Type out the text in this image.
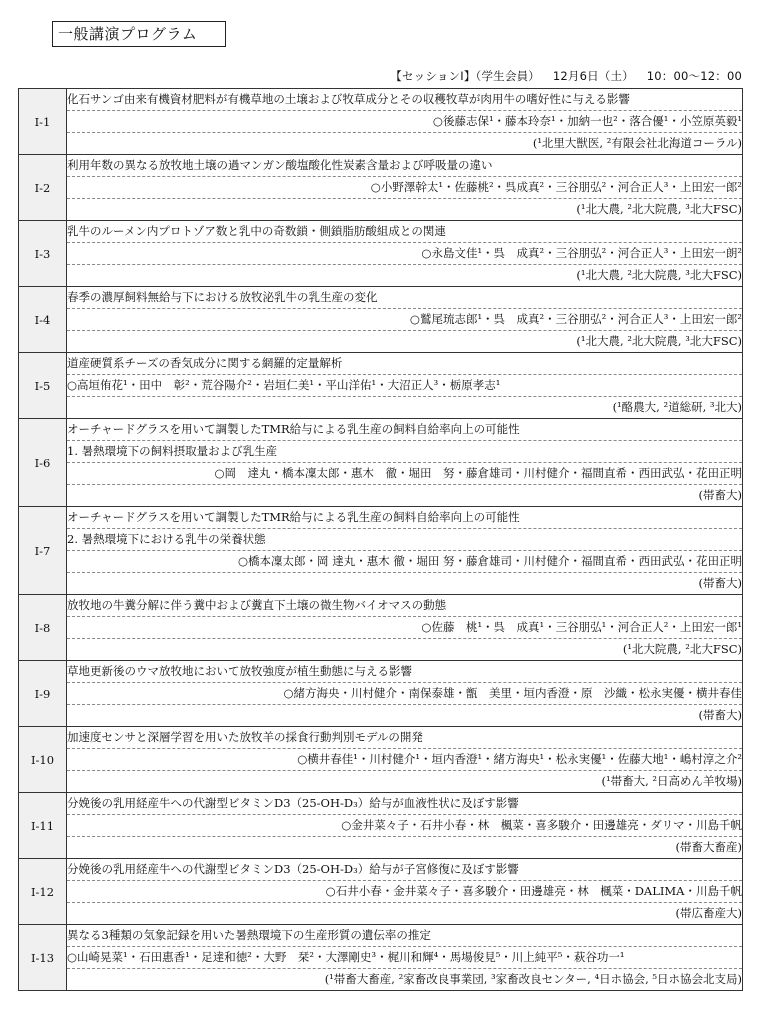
一般講演プログラム
【セッションⅠ】（学生会員） 12月6日（土） 10：00〜12：00
Ⅰ-1	化石サンゴ由来有機資材肥料が有機草地の土壌および牧草成分とその収穫牧草が肉用牛の嗜好性に与える影響
○後藤志保¹・藤本玲奈¹・加納一也²・落合優¹・小笠原英毅¹
(¹北里大獣医, ²有限会社北海道コーラル)

Ⅰ-2	利用年数の異なる放牧地土壌の過マンガン酸塩酸化性炭素含量および呼吸量の違い
○小野澤幹太¹・佐藤桃²・呉成真²・三谷朋弘²・河合正人³・上田宏一郎²
(¹北大農, ²北大院農, ³北大FSC)

Ⅰ-3	乳牛のルーメン内プロトゾア数と乳中の奇数鎖・側鎖脂肪酸組成との関連
○永島文佳¹・呉　成真²・三谷朋弘²・河合正人³・上田宏一朗²
(¹北大農, ²北大院農, ³北大FSC)

Ⅰ-4	春季の濃厚飼料無給与下における放牧泌乳牛の乳生産の変化
○鷲尾琉志郎¹・呉　成真²・三谷朋弘²・河合正人³・上田宏一郎²
(¹北大農, ²北大院農, ³北大FSC)

Ⅰ-5	道産硬質系チーズの香気成分に関する網羅的定量解析
○高垣侑花¹・田中　彰²・荒谷陽介²・岩垣仁美¹・平山洋佑¹・大沼正人³・栃原孝志¹
(¹酪農大, ²道総研, ³北大)

Ⅰ-6	オーチャードグラスを用いて調製したTMR給与による乳生産の飼料自給率向上の可能性
1. 暑熱環境下の飼料摂取量および乳生産
○岡　達丸・橋本凜太郎・惠木　徹・堀田　努・藤倉雄司・川村健介・福間直希・西田武弘・花田正明
(帯畜大)

Ⅰ-7	オーチャードグラスを用いて調製したTMR給与による乳生産の飼料自給率向上の可能性
2. 暑熱環境下における乳牛の栄養状態
○橋本凜太郎・岡 達丸・惠木 徹・堀田 努・藤倉雄司・川村健介・福間直希・西田武弘・花田正明
(帯畜大)

Ⅰ-8	放牧地の牛糞分解に伴う糞中および糞直下土壌の微生物バイオマスの動態
○佐藤　桃¹・呉　成真¹・三谷朋弘¹・河合正人²・上田宏一郎¹
(¹北大院農, ²北大FSC)

Ⅰ-9	草地更新後のウマ放牧地において放牧強度が植生動態に与える影響
○緒方海央・川村健介・南保泰雄・甑　美里・垣内香澄・原　沙織・松永実優・横井春佳
(帯畜大)

Ⅰ-10	加速度センサと深層学習を用いた放牧羊の採食行動判別モデルの開発
○横井春佳¹・川村健介¹・垣内香澄¹・緒方海央¹・松永実優¹・佐藤大地¹・嶋村淳之介²
(¹帯畜大, ²日高めん羊牧場)

Ⅰ-11	分娩後の乳用経産牛への代謝型ビタミンD3（25-OH-D₃）給与が血液性状に及ぼす影響
○金井菜々子・石井小春・林　楓菜・喜多駿介・田邊雄亮・ダリマ・川島千帆
(帯畜大畜産)

Ⅰ-12	分娩後の乳用経産牛への代謝型ビタミンD3（25-OH-D₃）給与が子宮修復に及ぼす影響
○石井小春・金井菜々子・喜多駿介・田邊雄亮・林　楓菜・DALIMA・川島千帆
(帯広畜産大)

Ⅰ-13	異なる3種類の気象記録を用いた暑熱環境下の生産形質の遺伝率の推定
○山崎晃菜¹・石田惠香¹・足達和徳²・大野　栞²・大澤剛史³・梶川和輝⁴・馬場俊見⁵・川上純平⁵・萩谷功一¹
(¹帯畜大畜産, ²家畜改良事業団, ³家畜改良センター, ⁴日ホ協会, ⁵日ホ協会北支局)
